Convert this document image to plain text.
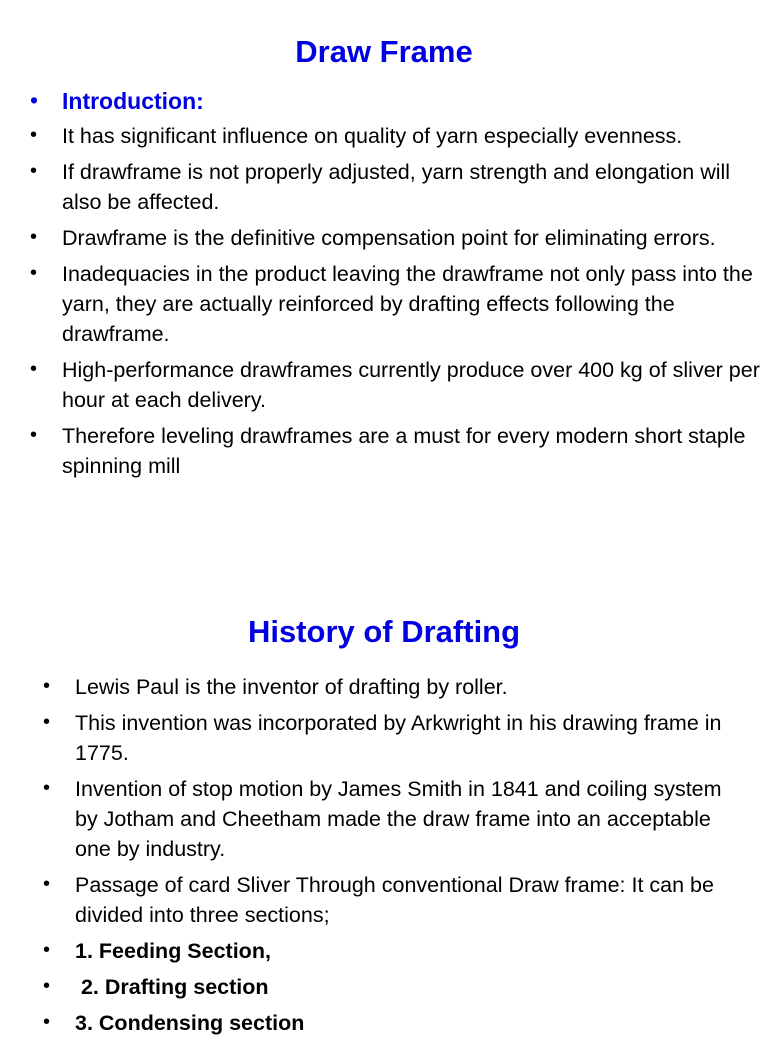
Draw Frame
• Introduction:
• It has significant influence on quality of yarn especially evenness.
• If drawframe is not properly adjusted, yarn strength and elongation will also be affected.
• Drawframe is the definitive compensation point for eliminating errors.
• Inadequacies in the product leaving the drawframe not only pass into the yarn, they are actually reinforced by drafting effects following the drawframe.
• High-performance drawframes currently produce over 400 kg of sliver per hour at each delivery.
• Therefore leveling drawframes are a must for every modern short staple spinning mill
History of Drafting
• Lewis Paul is the inventor of drafting by roller.
• This invention was incorporated by Arkwright in his drawing frame in 1775.
• Invention of stop motion by James Smith in 1841 and coiling system by Jotham and Cheetham made the draw frame into an acceptable one by industry.
• Passage of card Sliver Through conventional Draw frame: It can be divided into three sections;
• 1. Feeding Section,
• 2. Drafting section
• 3. Condensing section
